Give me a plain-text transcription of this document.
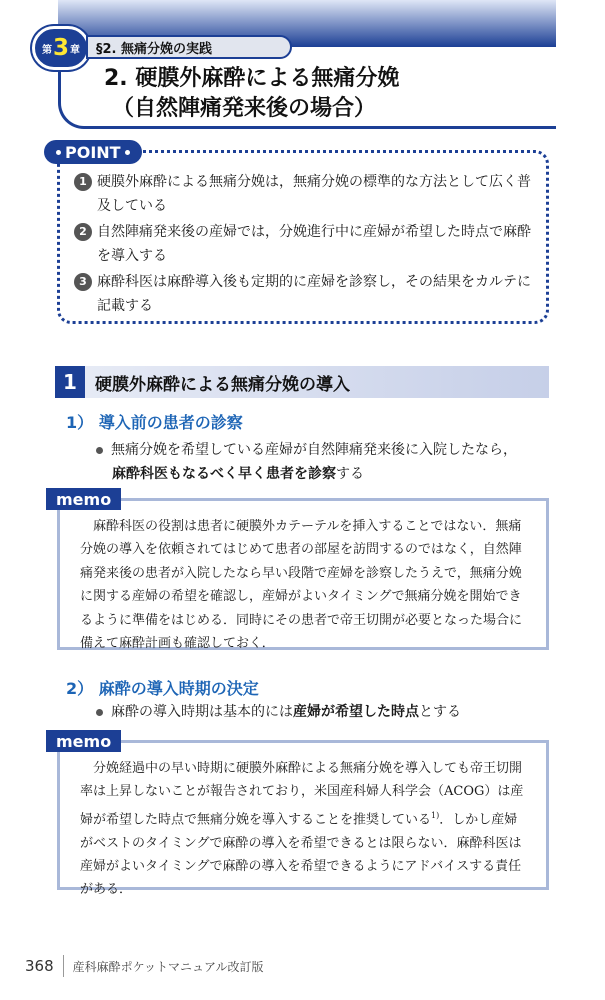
第 3 章	§2. 無痛分娩の実践
2. 硬膜外麻酔による無痛分娩
（自然陣痛発来後の場合）
POINT
1 硬膜外麻酔による無痛分娩は，無痛分娩の標準的な方法として広く普及している
2 自然陣痛発来後の産婦では，分娩進行中に産婦が希望した時点で麻酔を導入する
3 麻酔科医は麻酔導入後も定期的に産婦を診察し，その結果をカルテに記載する
1	硬膜外麻酔による無痛分娩の導入
1） 導入前の患者の診察
無痛分娩を希望している産婦が自然陣痛発来後に入院したなら，
麻酔科医もなるべく早く患者を診察する
memo

麻酔科医の役割は患者に硬膜外カテーテルを挿入することではない．無痛分娩の導入を依頼されてはじめて患者の部屋を訪問するのではなく，自然陣痛発来後の患者が入院したなら早い段階で産婦を診察したうえで，無痛分娩に関する産婦の希望を確認し，産婦がよいタイミングで無痛分娩を開始できるように準備をはじめる．同時にその患者で帝王切開が必要となった場合に備えて麻酔計画も確認しておく．

2） 麻酔の導入時期の決定
麻酔の導入時期は基本的には産婦が希望した時点とする
memo

分娩経過中の早い時期に硬膜外麻酔による無痛分娩を導入しても帝王切開率は上昇しないことが報告されており，米国産科婦人科学会（ACOG）は産婦が希望した時点で無痛分娩を導入することを推奨している$^{1)}$．しかし産婦がベストのタイミングで麻酔の導入を希望できるとは限らない．麻酔科医は産婦がよいタイミングで麻酔の導入を希望できるようにアドバイスする責任がある．

368 産科麻酔ポケットマニュアル改訂版
